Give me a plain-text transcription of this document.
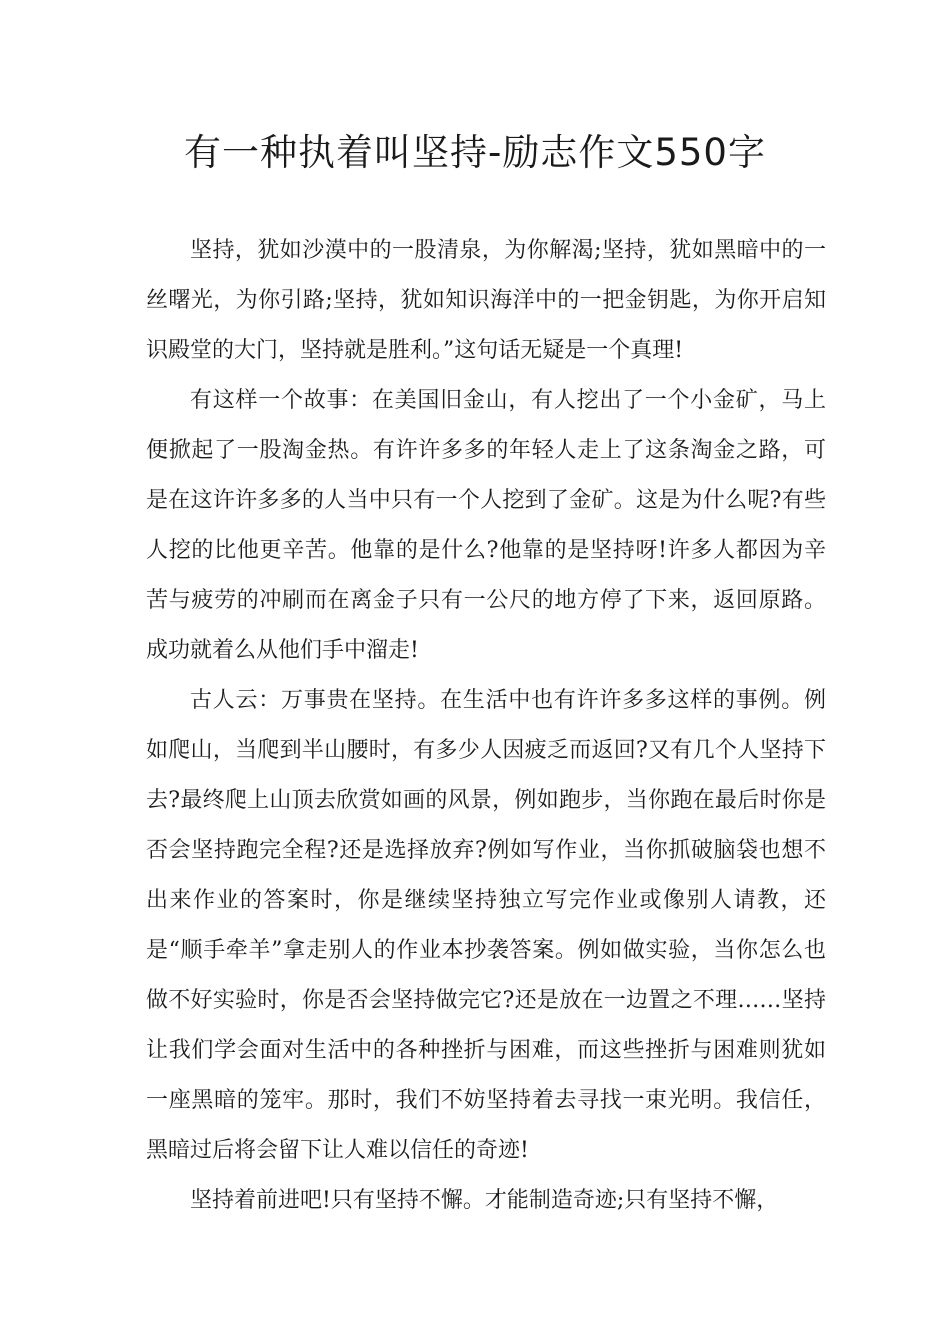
有一种执着叫坚持-励志作文550字

坚持，犹如沙漠中的一股清泉，为你解渴;坚持，犹如黑暗中的一丝曙光，为你引路;坚持，犹如知识海洋中的一把金钥匙，为你开启知识殿堂的大门，坚持就是胜利。”这句话无疑是一个真理!

有这样一个故事：在美国旧金山，有人挖出了一个小金矿，马上便掀起了一股淘金热。有许许多多的年轻人走上了这条淘金之路，可是在这许许多多的人当中只有一个人挖到了金矿。这是为什么呢?有些人挖的比他更辛苦。他靠的是什么?他靠的是坚持呀!许多人都因为辛苦与疲劳的冲刷而在离金子只有一公尺的地方停了下来，返回原路。成功就着么从他们手中溜走!

古人云：万事贵在坚持。在生活中也有许许多多这样的事例。例如爬山，当爬到半山腰时，有多少人因疲乏而返回?又有几个人坚持下去?最终爬上山顶去欣赏如画的风景，例如跑步，当你跑在最后时你是否会坚持跑完全程?还是选择放弃?例如写作业，当你抓破脑袋也想不出来作业的答案时，你是继续坚持独立写完作业或像别人请教，还是“顺手牵羊”拿走别人的作业本抄袭答案。例如做实验，当你怎么也做不好实验时，你是否会坚持做完它?还是放在一边置之不理……坚持让我们学会面对生活中的各种挫折与困难，而这些挫折与困难则犹如一座黑暗的笼牢。那时，我们不妨坚持着去寻找一束光明。我信任，黑暗过后将会留下让人难以信任的奇迹!

坚持着前进吧!只有坚持不懈。才能制造奇迹;只有坚持不懈，
